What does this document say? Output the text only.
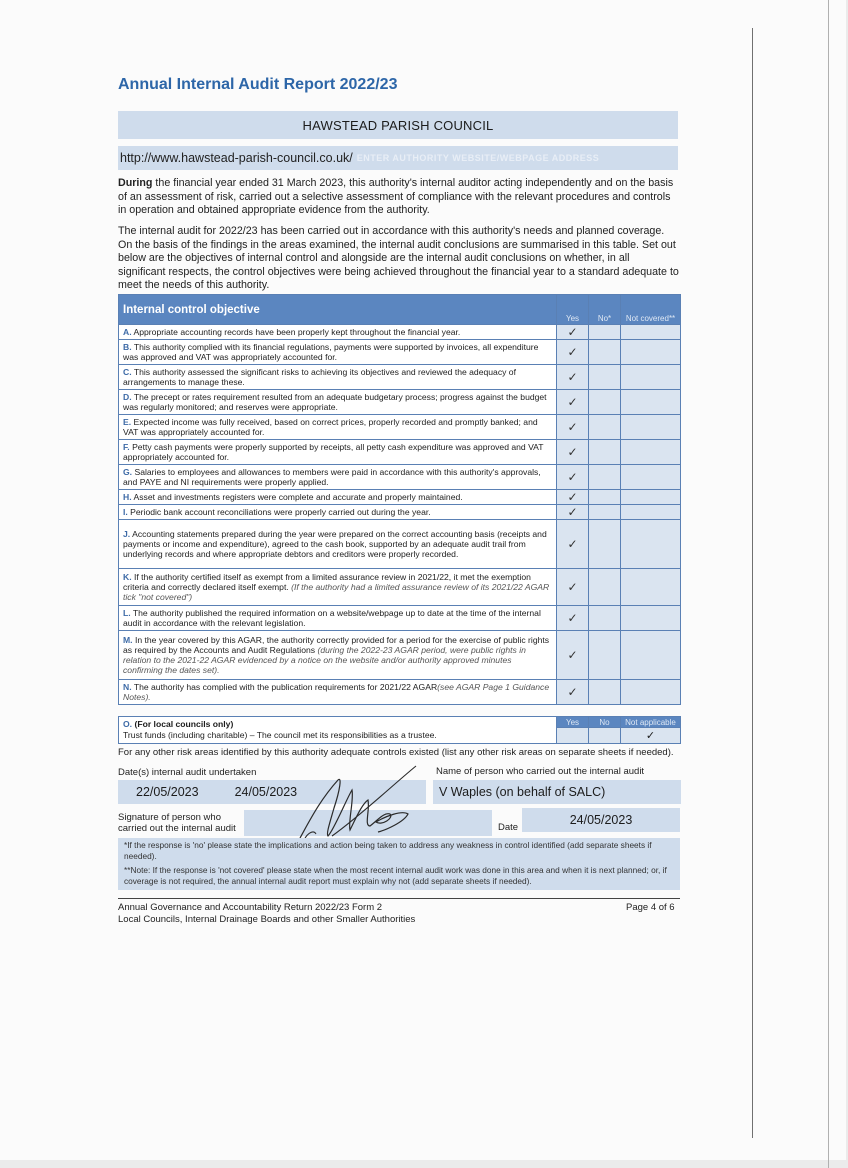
Annual Internal Audit Report 2022/23
HAWSTEAD PARISH COUNCIL
http://www.hawstead-parish-council.co.uk/ ENTER AUTHORITY WEBSITE/WEBPAGE ADDRESS
During the financial year ended 31 March 2023, this authority's internal auditor acting independently and on the basis of an assessment of risk, carried out a selective assessment of compliance with the relevant procedures and controls in operation and obtained appropriate evidence from the authority.
The internal audit for 2022/23 has been carried out in accordance with this authority's needs and planned coverage. On the basis of the findings in the areas examined, the internal audit conclusions are summarised in this table. Set out below are the objectives of internal control and alongside are the internal audit conclusions on whether, in all significant respects, the control objectives were being achieved throughout the financial year to a standard adequate to meet the needs of this authority.
Internal control objective	Yes	No*	Not covered**
A. Appropriate accounting records have been properly kept throughout the financial year.	✓		
B. This authority complied with its financial regulations, payments were supported by invoices, all expenditure was approved and VAT was appropriately accounted for.	✓		
C. This authority assessed the significant risks to achieving its objectives and reviewed the adequacy of arrangements to manage these.	✓		
D. The precept or rates requirement resulted from an adequate budgetary process; progress against the budget was regularly monitored; and reserves were appropriate.	✓		
E. Expected income was fully received, based on correct prices, properly recorded and promptly banked; and VAT was appropriately accounted for.	✓		
F. Petty cash payments were properly supported by receipts, all petty cash expenditure was approved and VAT appropriately accounted for.	✓		
G. Salaries to employees and allowances to members were paid in accordance with this authority's approvals, and PAYE and NI requirements were properly applied.	✓		
H. Asset and investments registers were complete and accurate and properly maintained.	✓		
I. Periodic bank account reconciliations were properly carried out during the year.	✓		
J. Accounting statements prepared during the year were prepared on the correct accounting basis (receipts and payments or income and expenditure), agreed to the cash book, supported by an adequate audit trail from underlying records and where appropriate debtors and creditors were properly recorded.	✓		
K. If the authority certified itself as exempt from a limited assurance review in 2021/22, it met the exemption criteria and correctly declared itself exempt. (If the authority had a limited assurance review of its 2021/22 AGAR tick "not covered")	✓		
L. The authority published the required information on a website/webpage up to date at the time of the internal audit in accordance with the relevant legislation.	✓		
M. In the year covered by this AGAR, the authority correctly provided for a period for the exercise of public rights as required by the Accounts and Audit Regulations (during the 2022-23 AGAR period, were public rights in relation to the 2021-22 AGAR evidenced by a notice on the website and/or authority approved minutes confirming the dates set).	✓		
N. The authority has complied with the publication requirements for 2021/22 AGAR(see AGAR Page 1 Guidance Notes).	✓		
O. (For local councils only)
Trust funds (including charitable) – The council met its responsibilities as a trustee.	Yes	No	Not applicable
			✓
For any other risk areas identified by this authority adequate controls existed (list any other risk areas on separate sheets if needed).
Date(s) internal audit undertaken	Name of person who carried out the internal audit
22/05/2023	24/05/2023	V Waples (on behalf of SALC)
Signature of person who
carried out the internal audit	Date
24/05/2023

*If the response is 'no' please state the implications and action being taken to address any weakness in control identified (add separate sheets if needed).

**Note: If the response is 'not covered' please state when the most recent internal audit work was done in this area and when it is next planned; or, if coverage is not required, the annual internal audit report must explain why not (add separate sheets if needed).

Annual Governance and Accountability Return 2022/23 Form 2
Local Councils, Internal Drainage Boards and other Smaller Authorities
Page 4 of 6
